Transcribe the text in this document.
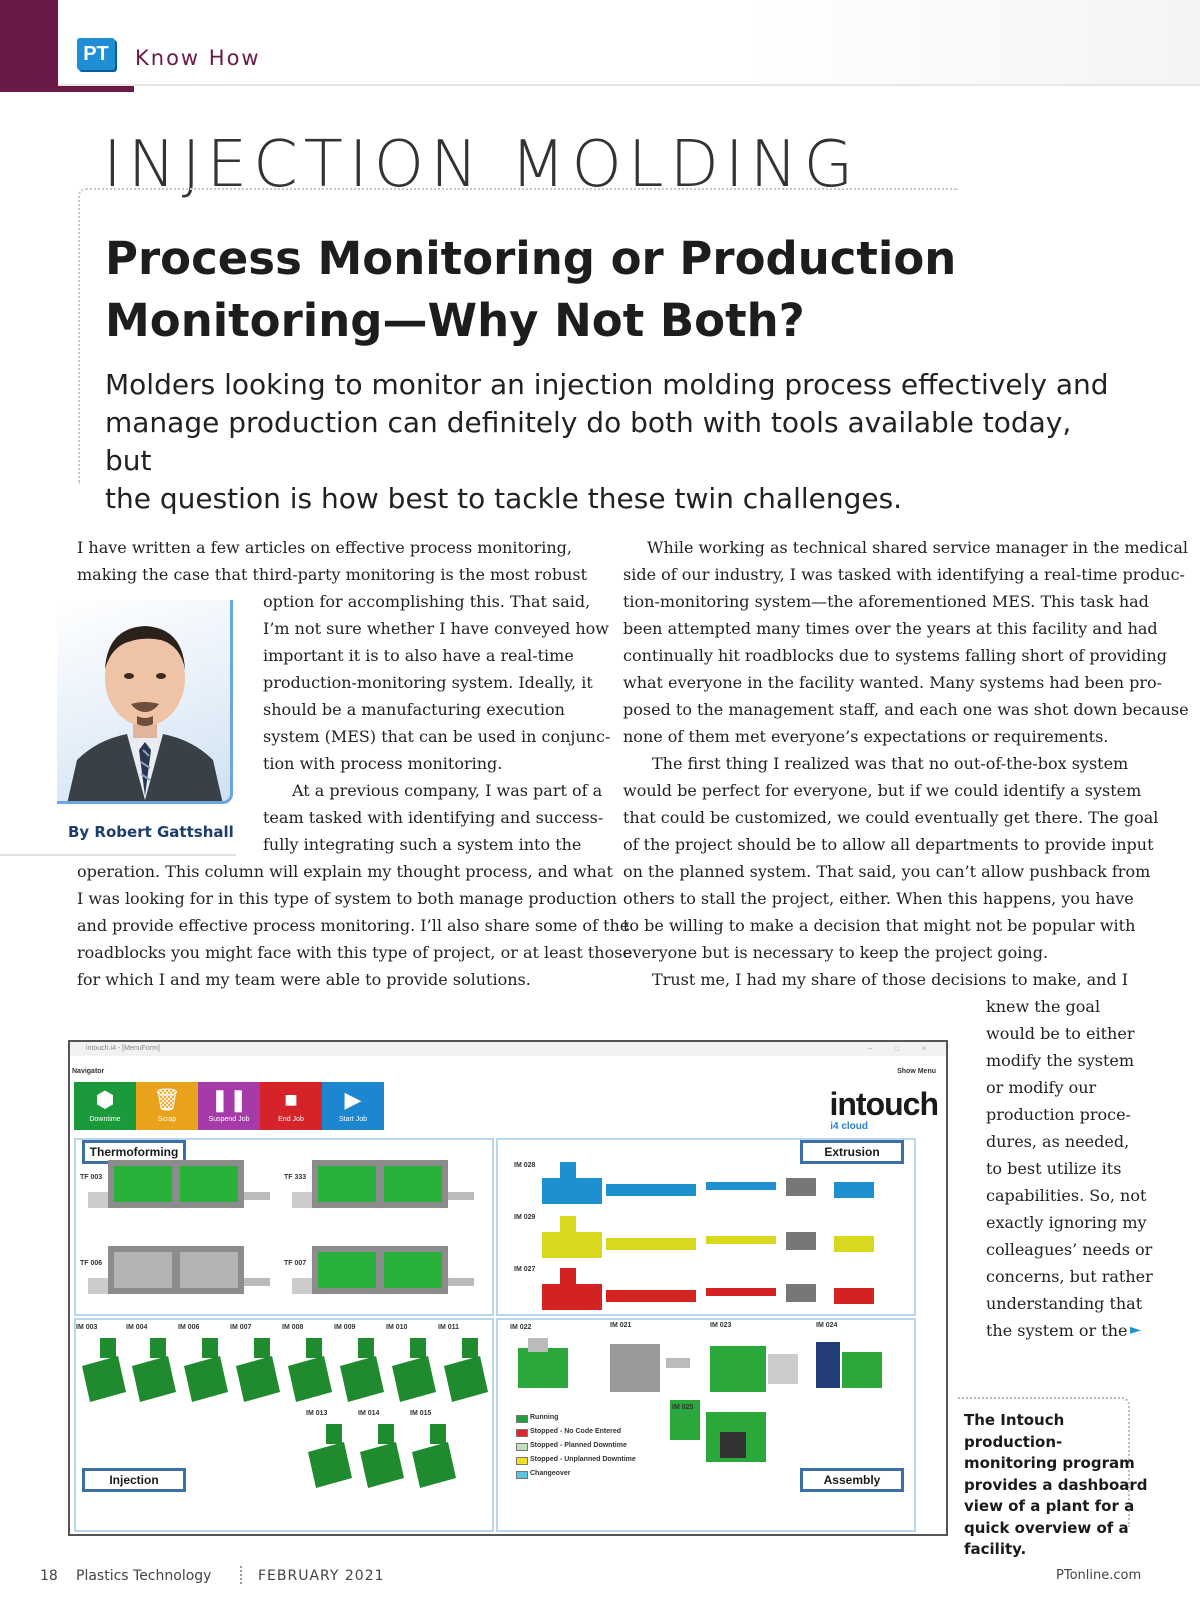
PT Know How
INJECTION MOLDING
Process Monitoring or Production
Monitoring—Why Not Both?
Molders looking to monitor an injection molding process effectively and
manage production can definitely do both with tools available today, but
the question is how best to tackle these twin challenges.
By Robert Gattshall
I have written a few articles on effective process monitoring,
making the case that third-party monitoring is the most robust
option for accomplishing this. That said,
I’m not sure whether I have conveyed how
important it is to also have a real-time
production-monitoring system. Ideally, it
should be a manufacturing execution
system (MES) that can be used in conjunc-
tion with process monitoring.
At a previous company, I was part of a
team tasked with identifying and success-
fully integrating such a system into the
operation. This column will explain my thought process, and what
I was looking for in this type of system to both manage production
and provide effective process monitoring. I’ll also share some of the
roadblocks you might face with this type of project, or at least those
for which I and my team were able to provide solutions.
While working as technical shared service manager in the medical
side of our industry, I was tasked with identifying a real-time produc-
tion-monitoring system—the aforementioned MES. This task had
been attempted many times over the years at this facility and had
continually hit roadblocks due to systems falling short of providing
what everyone in the facility wanted. Many systems had been pro-
posed to the management staff, and each one was shot down because
none of them met everyone’s expectations or requirements.
The first thing I realized was that no out-of-the-box system
would be perfect for everyone, but if we could identify a system
that could be customized, we could eventually get there. The goal
of the project should be to allow all departments to provide input
on the planned system. That said, you can’t allow pushback from
others to stall the project, either. When this happens, you have
to be willing to make a decision that might not be popular with
everyone but is necessary to keep the project going.
Trust me, I had my share of those decisions to make, and I
knew the goal
would be to either
modify the system
or modify our
production proce-
dures, as needed,
to best utilize its
capabilities. So, not
exactly ignoring my
colleagues’ needs or
concerns, but rather
understanding that
the system or the ►
intouch.i4 - [MenuForm]	– □ ×
Navigator	Show Menu
⬢
Downtime
🗑
Scrap
❚❚
Suspend Job
■
End Job
▶
Start Job	intouch
i4 cloud
Thermoforming	Extrusion
Injection	Assembly
TF 003	TF 333
TF 006	TF 007
IM 028
IM 029
IM 027
IM 003	IM 004	IM 006	IM 007	IM 008	IM 009	IM 010	IM 011
IM 013	IM 014	IM 015
IM 022	IM 021	IM 023	IM 024
IM 025
Running
Stopped - No Code Entered
Stopped - Planned Downtime
Stopped - Unplanned Downtime
Changeover
The Intouch production-monitoring program provides a dashboard view of a plant for a quick overview of a facility.
18 Plastics Technology	FEBRUARY 2021	PTonline.com
